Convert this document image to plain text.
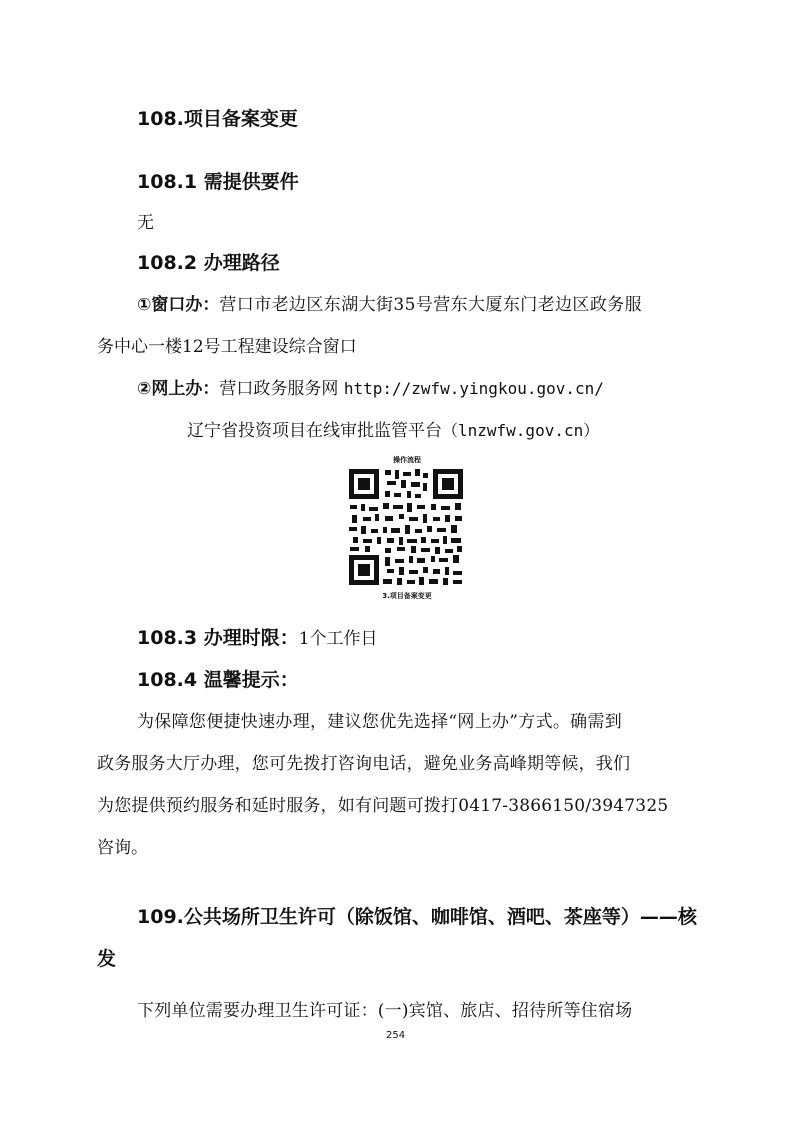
108.项目备案变更
108.1 需提供要件
无
108.2 办理路径
①窗口办：营口市老边区东湖大街35号营东大厦东门老边区政务服
务中心一楼12号工程建设综合窗口
②网上办：营口政务服务网 http://zwfw.yingkou.gov.cn/
辽宁省投资项目在线审批监管平台（lnzwfw.gov.cn）
操作流程
3.项目备案变更
108.3 办理时限：1个工作日
108.4 温馨提示：
为保障您便捷快速办理，建议您优先选择“网上办”方式。确需到
政务服务大厅办理，您可先拨打咨询电话，避免业务高峰期等候，我们
为您提供预约服务和延时服务，如有问题可拨打0417-3866150/3947325
咨询。
109.公共场所卫生许可（除饭馆、咖啡馆、酒吧、茶座等）——核
发
下列单位需要办理卫生许可证：(一)宾馆、旅店、招待所等住宿场
254
